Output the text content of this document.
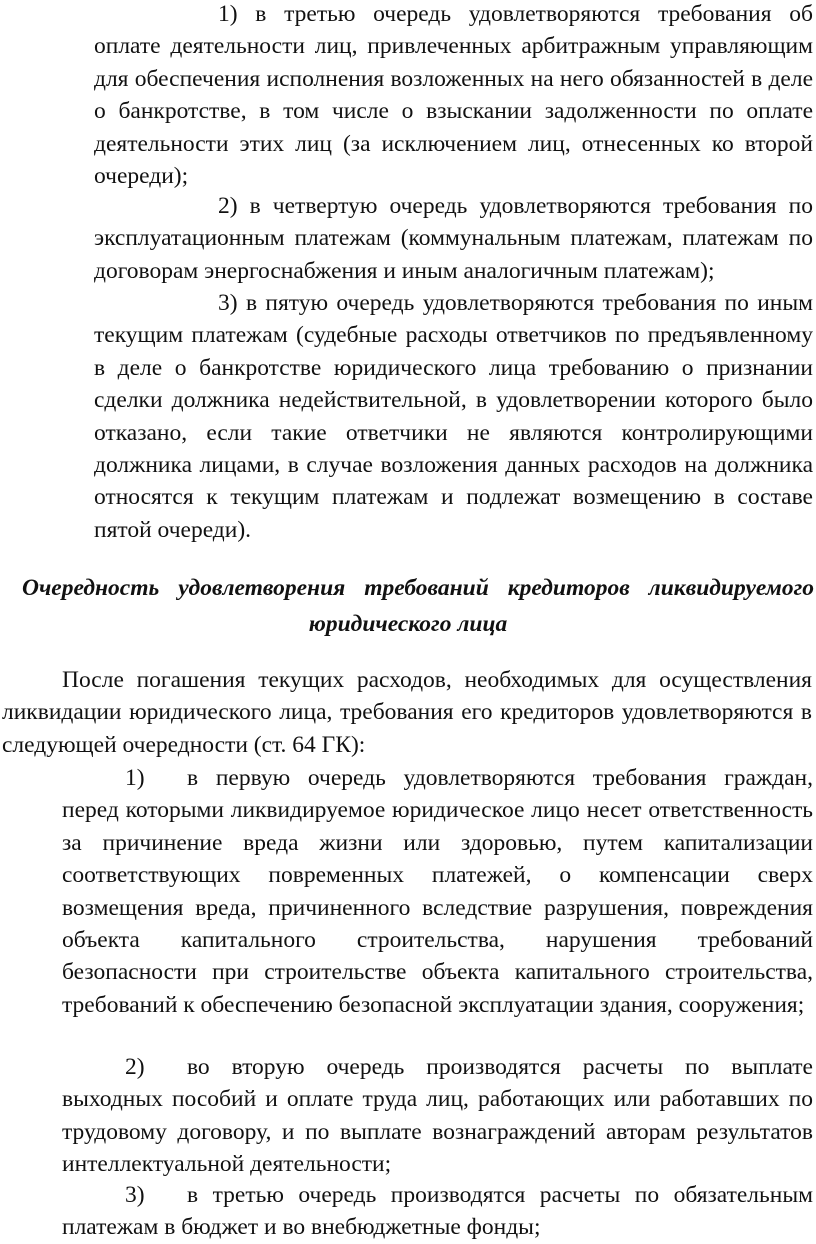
1) в третью очередь удовлетворяются требования об оплате деятельности лиц, привлеченных арбитражным управляющим для обеспечения исполнения возложенных на него обязанностей в деле о банкротстве, в том числе о взыскании задолженности по оплате деятельности этих лиц (за исключением лиц, отнесенных ко второй очереди);
2) в четвертую очередь удовлетворяются требования по эксплуатационным платежам (коммунальным платежам, платежам по договорам энергоснабжения и иным аналогичным платежам);
3) в пятую очередь удовлетворяются требования по иным текущим платежам (судебные расходы ответчиков по предъявленному в деле о банкротстве юридического лица требованию о признании сделки должника недействительной, в удовлетворении которого было отказано, если такие ответчики не являются контролирующими должника лицами, в случае возложения данных расходов на должника относятся к текущим платежам и подлежат возмещению в составе пятой очереди).
Очередность удовлетворения требований кредиторов ликвидируемого
юридического лица
После погашения текущих расходов, необходимых для осуществления ликвидации юридического лица, требования его кредиторов удовлетворяются в следующей очередности (ст. 64 ГК):
1) в первую очередь удовлетворяются требования граждан, перед которыми ликвидируемое юридическое лицо несет ответственность за причинение вреда жизни или здоровью, путем капитализации соответствующих повременных платежей, о компенсации сверх возмещения вреда, причиненного вследствие разрушения, повреждения объекта капитального строительства, нарушения требований безопасности при строительстве объекта капитального строительства, требований к обеспечению безопасной эксплуатации здания, сооружения;
2) во вторую очередь производятся расчеты по выплате выходных пособий и оплате труда лиц, работающих или работавших по трудовому договору, и по выплате вознаграждений авторам результатов интеллектуальной деятельности;
3) в третью очередь производятся расчеты по обязательным платежам в бюджет и во внебюджетные фонды;
